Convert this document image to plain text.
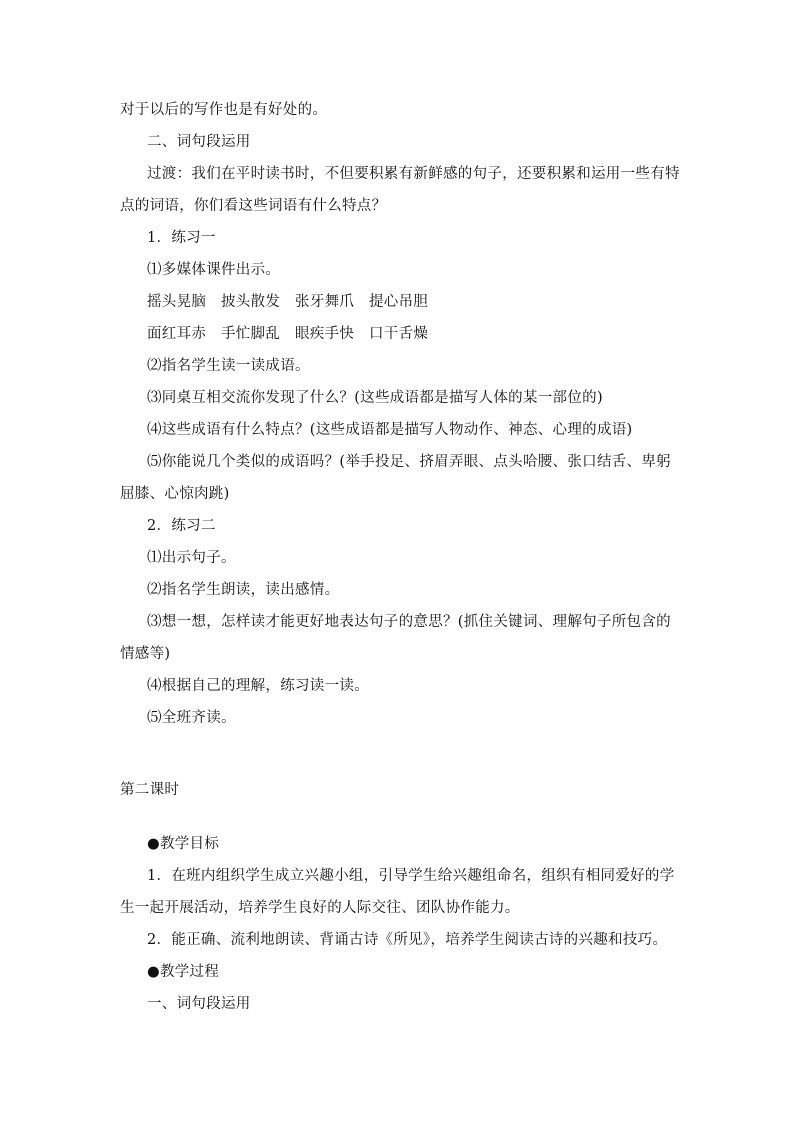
对于以后的写作也是有好处的。
二、词句段运用
过渡：我们在平时读书时，不但要积累有新鲜感的句子，还要积累和运用一些有特
点的词语，你们看这些词语有什么特点？
1．练习一
⑴多媒体课件出示。
摇头晃脑　披头散发　张牙舞爪　提心吊胆
面红耳赤　手忙脚乱　眼疾手快　口干舌燥
⑵指名学生读一读成语。
⑶同桌互相交流你发现了什么？(这些成语都是描写人体的某一部位的)
⑷这些成语有什么特点？(这些成语都是描写人物动作、神态、心理的成语)
⑸你能说几个类似的成语吗？(举手投足、挤眉弄眼、点头哈腰、张口结舌、卑躬
屈膝、心惊肉跳)
2．练习二
⑴出示句子。
⑵指名学生朗读，读出感情。
⑶想一想，怎样读才能更好地表达句子的意思？(抓住关键词、理解句子所包含的
情感等)
⑷根据自己的理解，练习读一读。
⑸全班齐读。
第二课时
●教学目标
1．在班内组织学生成立兴趣小组，引导学生给兴趣组命名，组织有相同爱好的学
生一起开展活动，培养学生良好的人际交往、团队协作能力。
2．能正确、流利地朗读、背诵古诗《所见》，培养学生阅读古诗的兴趣和技巧。
●教学过程
一、词句段运用
